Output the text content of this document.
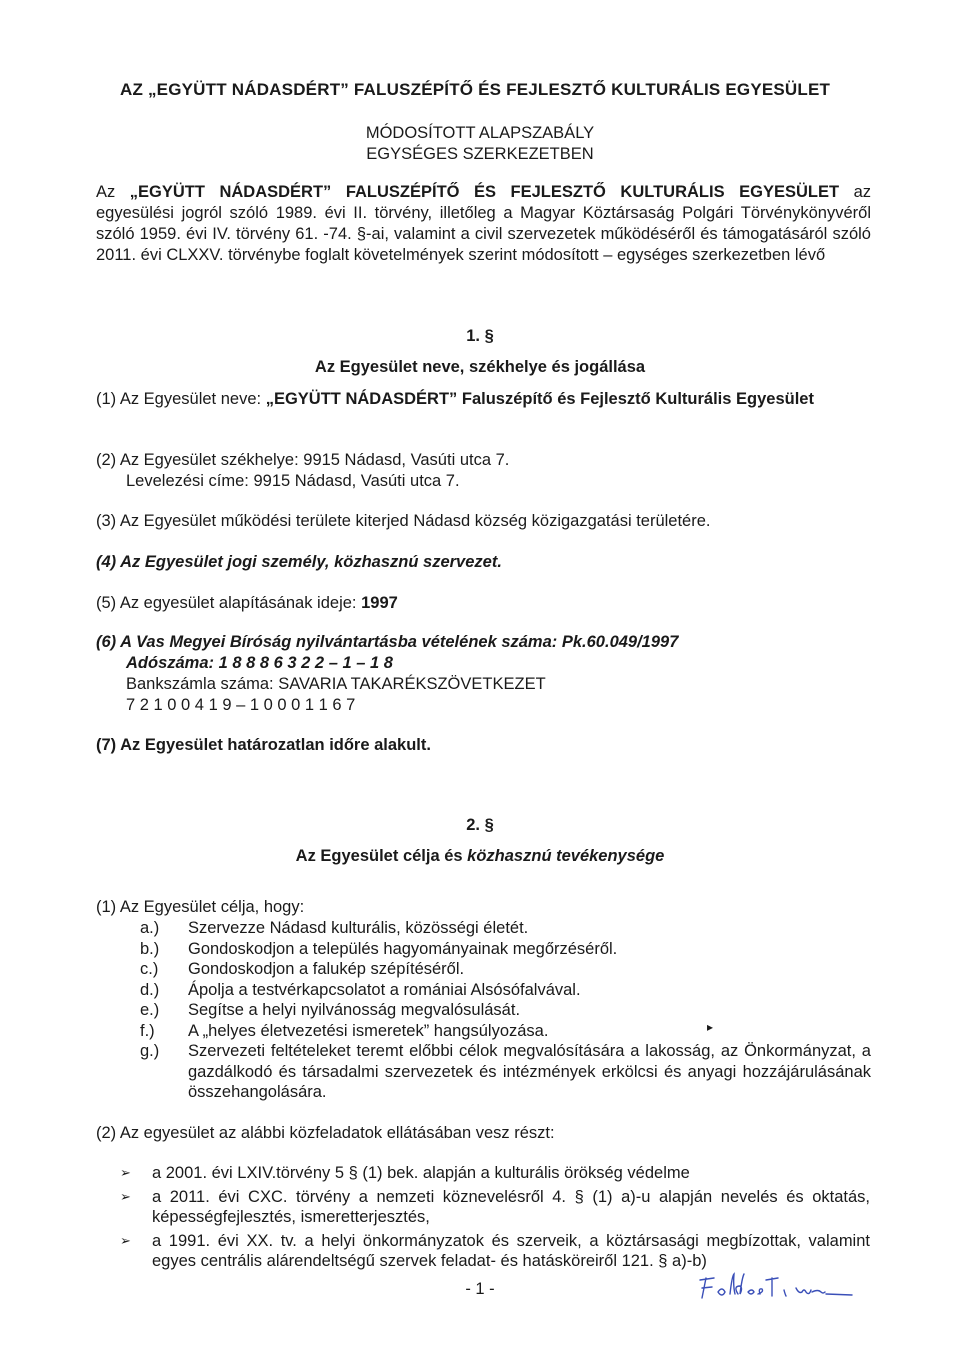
AZ „EGYÜTT NÁDASDÉRT” FALUSZÉPÍTŐ ÉS FEJLESZTŐ KULTURÁLIS EGYESÜLET
MÓDOSÍTOTT ALAPSZABÁLY
EGYSÉGES SZERKEZETBEN
Az „EGYÜTT NÁDASDÉRT” FALUSZÉPÍTŐ ÉS FEJLESZTŐ KULTURÁLIS EGYESÜLET az egyesülési jogról szóló 1989. évi II. törvény, illetőleg a Magyar Köztársaság Polgári Törvénykönyvéről szóló 1959. évi IV. törvény 61. -74. §-ai, valamint a civil szervezetek működéséről és támogatásáról szóló 2011. évi CLXXV. törvénybe foglalt követelmények szerint módosított – egységes szerkezetben lévő
1. §
Az Egyesület neve, székhelye és jogállása
(1) Az Egyesület neve: „EGYÜTT NÁDASDÉRT” Faluszépítő és Fejlesztő Kulturális Egyesület
(2) Az Egyesület székhelye: 9915 Nádasd, Vasúti utca 7.
Levelezési címe: 9915 Nádasd, Vasúti utca 7.
(3) Az Egyesület működési területe kiterjed Nádasd község közigazgatási területére.
(4) Az Egyesület jogi személy, közhasznú szervezet.
(5) Az egyesület alapításának ideje: 1997
(6) A Vas Megyei Bíróság nyilvántartásba vételének száma: Pk.60.049/1997
Adószáma: 1 8 8 8 6 3 2 2 – 1 – 1 8
Bankszámla száma: SAVARIA TAKARÉKSZÖVETKEZET
7 2 1 0 0 4 1 9 – 1 0 0 0 1 1 6 7
(7) Az Egyesület határozatlan időre alakult.
2. §
Az Egyesület célja és közhasznú tevékenysége
(1) Az Egyesület célja, hogy:
a.) Szervezze Nádasd kulturális, közösségi életét.
b.) Gondoskodjon a település hagyományainak megőrzéséről.
c.) Gondoskodjon a falukép szépítéséről.
d.) Ápolja a testvérkapcsolatot a romániai Alsósófalvával.
e.) Segítse a helyi nyilvánosság megvalósulását.
f.) A „helyes életvezetési ismeretek” hangsúlyozása.
g.) Szervezeti feltételeket teremt előbbi célok megvalósítására a lakosság, az Önkormányzat, a gazdálkodó és társadalmi szervezetek és intézmények erkölcsi és anyagi hozzájárulásának összehangolására.
▸
(2) Az egyesület az alábbi közfeladatok ellátásában vesz részt:
➢ a 2001. évi LXIV.törvény 5 § (1) bek. alapján a kulturális örökség védelme
➢ a 2011. évi CXC. törvény a nemzeti köznevelésről 4. § (1) a)-u alapján nevelés és oktatás, képességfejlesztés, ismeretterjesztés,
➢ a 1991. évi XX. tv. a helyi önkormányzatok és szerveik, a köztársasági megbízottak, valamint egyes centrális alárendeltségű szervek feladat- és hatásköreiről 121. § a)-b)
- 1 -
